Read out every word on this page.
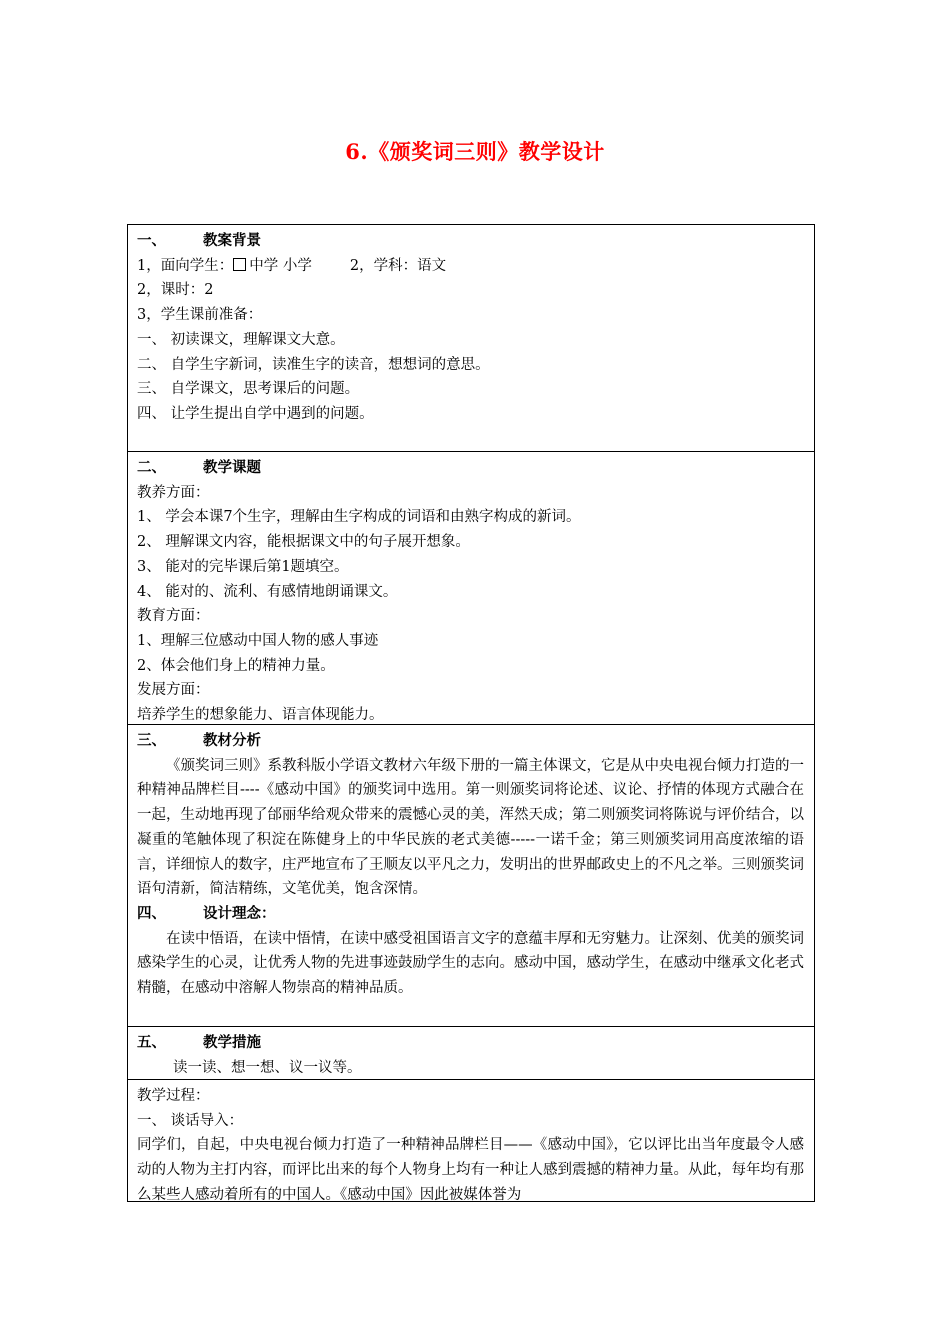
6.《颁奖词三则》教学设计
一、	教案背景
1，面向学生： 中学 小学	2，学科：语文
2，课时：2
3，学生课前准备：
一、 初读课文，理解课文大意。
二、 自学生字新词，读准生字的读音，想想词的意思。
三、 自学课文，思考课后的问题。
四、 让学生提出自学中遇到的问题。
二、	教学课题
教养方面：
1、 学会本课7个生字，理解由生字构成的词语和由熟字构成的新词。
2、 理解课文内容，能根据课文中的句子展开想象。
3、 能对的完毕课后第1题填空。
4、 能对的、流利、有感情地朗诵课文。
教育方面：
1、理解三位感动中国人物的感人事迹
2、体会他们身上的精神力量。
发展方面：
培养学生的想象能力、语言体现能力。
三、	教材分析
《颁奖词三则》系教科版小学语文教材六年级下册的一篇主体课文，它是从中央电视台倾力打造的一种精神品牌栏目----《感动中国》的颁奖词中选用。第一则颁奖词将论述、议论、抒情的体现方式融合在一起，生动地再现了邰丽华给观众带来的震憾心灵的美，浑然天成；第二则颁奖词将陈说与评价结合，以凝重的笔触体现了积淀在陈健身上的中华民族的老式美德-----一诺千金；第三则颁奖词用高度浓缩的语言，详细惊人的数字，庄严地宣布了王顺友以平凡之力，发明出的世界邮政史上的不凡之举。三则颁奖词语句清新，简洁精练，文笔优美，饱含深情。
四、	设计理念：
在读中悟语，在读中悟情，在读中感受祖国语言文字的意蕴丰厚和无穷魅力。让深刻、优美的颁奖词感染学生的心灵，让优秀人物的先进事迹鼓励学生的志向。感动中国，感动学生，在感动中继承文化老式精髓，在感动中溶解人物崇高的精神品质。
五、	教学措施
读一读、想一想、议一议等。
教学过程：
一、 谈话导入：
同学们，自起，中央电视台倾力打造了一种精神品牌栏目——《感动中国》，它以评比出当年度最令人感动的人物为主打内容，而评比出来的每个人物身上均有一种让人感到震撼的精神力量。从此，每年均有那么某些人感动着所有的中国人。《感动中国》因此被媒体誉为
